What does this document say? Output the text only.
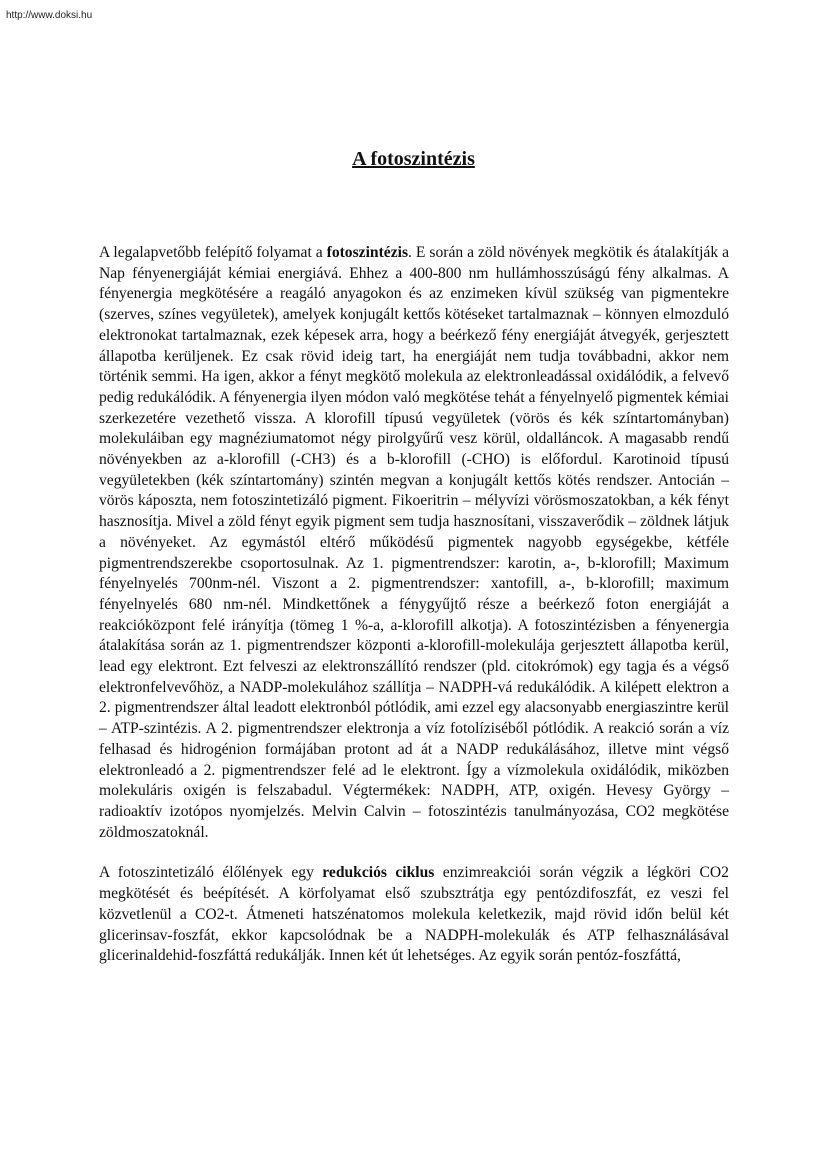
http://www.doksi.hu
A fotoszintézis

A legalapvetőbb felépítő folyamat a fotoszintézis. E során a zöld növények megkötik és átalakítják a Nap fényenergiáját kémiai energiává. Ehhez a 400-800 nm hullámhosszúságú fény alkalmas. A fényenergia megkötésére a reagáló anyagokon és az enzimeken kívül szükség van pigmentekre (szerves, színes vegyületek), amelyek konjugált kettős kötéseket tartalmaznak – könnyen elmozduló elektronokat tartalmaznak, ezek képesek arra, hogy a beérkező fény energiáját átvegyék, gerjesztett állapotba kerüljenek. Ez csak rövid ideig tart, ha energiáját nem tudja továbbadni, akkor nem történik semmi. Ha igen, akkor a fényt megkötő molekula az elektronleadással oxidálódik, a felvevő pedig redukálódik. A fényenergia ilyen módon való megkötése tehát a fényelnyelő pigmentek kémiai szerkezetére vezethető vissza. A klorofill típusú vegyületek (vörös és kék színtartományban) molekuláiban egy magnéziumatomot négy pirolgyűrű vesz körül, oldalláncok. A magasabb rendű növényekben az a-klorofill (-CH3) és a b-klorofill (-CHO) is előfordul. Karotinoid típusú vegyületekben (kék színtartomány) szintén megvan a konjugált kettős kötés rendszer. Antocián – vörös káposzta, nem fotoszintetizáló pigment. Fikoeritrin – mélyvízi vörösmoszatokban, a kék fényt hasznosítja. Mivel a zöld fényt egyik pigment sem tudja hasznosítani, visszaverődik – zöldnek látjuk a növényeket. Az egymástól eltérő működésű pigmentek nagyobb egységekbe, kétféle pigmentrendszerekbe csoportosulnak. Az 1. pigmentrendszer: karotin, a-, b-klorofill; Maximum fényelnyelés 700nm-nél. Viszont a 2. pigmentrendszer: xantofill, a-, b-klorofill; maximum fényelnyelés 680 nm-nél. Mindkettőnek a fénygyűjtő része a beérkező foton energiáját a reakcióközpont felé irányítja (tömeg 1 %-a, a-klorofill alkotja). A fotoszintézisben a fényenergia átalakítása során az 1. pigmentrendszer központi a-klorofill-molekulája gerjesztett állapotba kerül, lead egy elektront. Ezt felveszi az elektronszállító rendszer (pld. citokrómok) egy tagja és a végső elektronfelvevőhöz, a NADP-molekulához szállítja – NADPH-vá redukálódik. A kilépett elektron a 2. pigmentrendszer által leadott elektronból pótlódik, ami ezzel egy alacsonyabb energiaszintre kerül – ATP-szintézis. A 2. pigmentrendszer elektronja a víz fotolíziséből pótlódik. A reakció során a víz felhasad és hidrogénion formájában protont ad át a NADP redukálásához, illetve mint végső elektronleadó a 2. pigmentrendszer felé ad le elektront. Így a vízmolekula oxidálódik, miközben molekuláris oxigén is felszabadul. Végtermékek: NADPH, ATP, oxigén. Hevesy György – radioaktív izotópos nyomjelzés. Melvin Calvin – fotoszintézis tanulmányozása, CO2 megkötése zöldmoszatoknál.

A fotoszintetizáló élőlények egy redukciós ciklus enzimreakciói során végzik a légköri CO2 megkötését és beépítését. A körfolyamat első szubsztrátja egy pentózdifoszfát, ez veszi fel közvetlenül a CO2-t. Átmeneti hatszénatomos molekula keletkezik, majd rövid időn belül két glicerinsav-foszfát, ekkor kapcsolódnak be a NADPH-molekulák és ATP felhasználásával glicerinaldehid-foszfáttá redukálják. Innen két út lehetséges. Az egyik során pentóz-foszfáttá,
